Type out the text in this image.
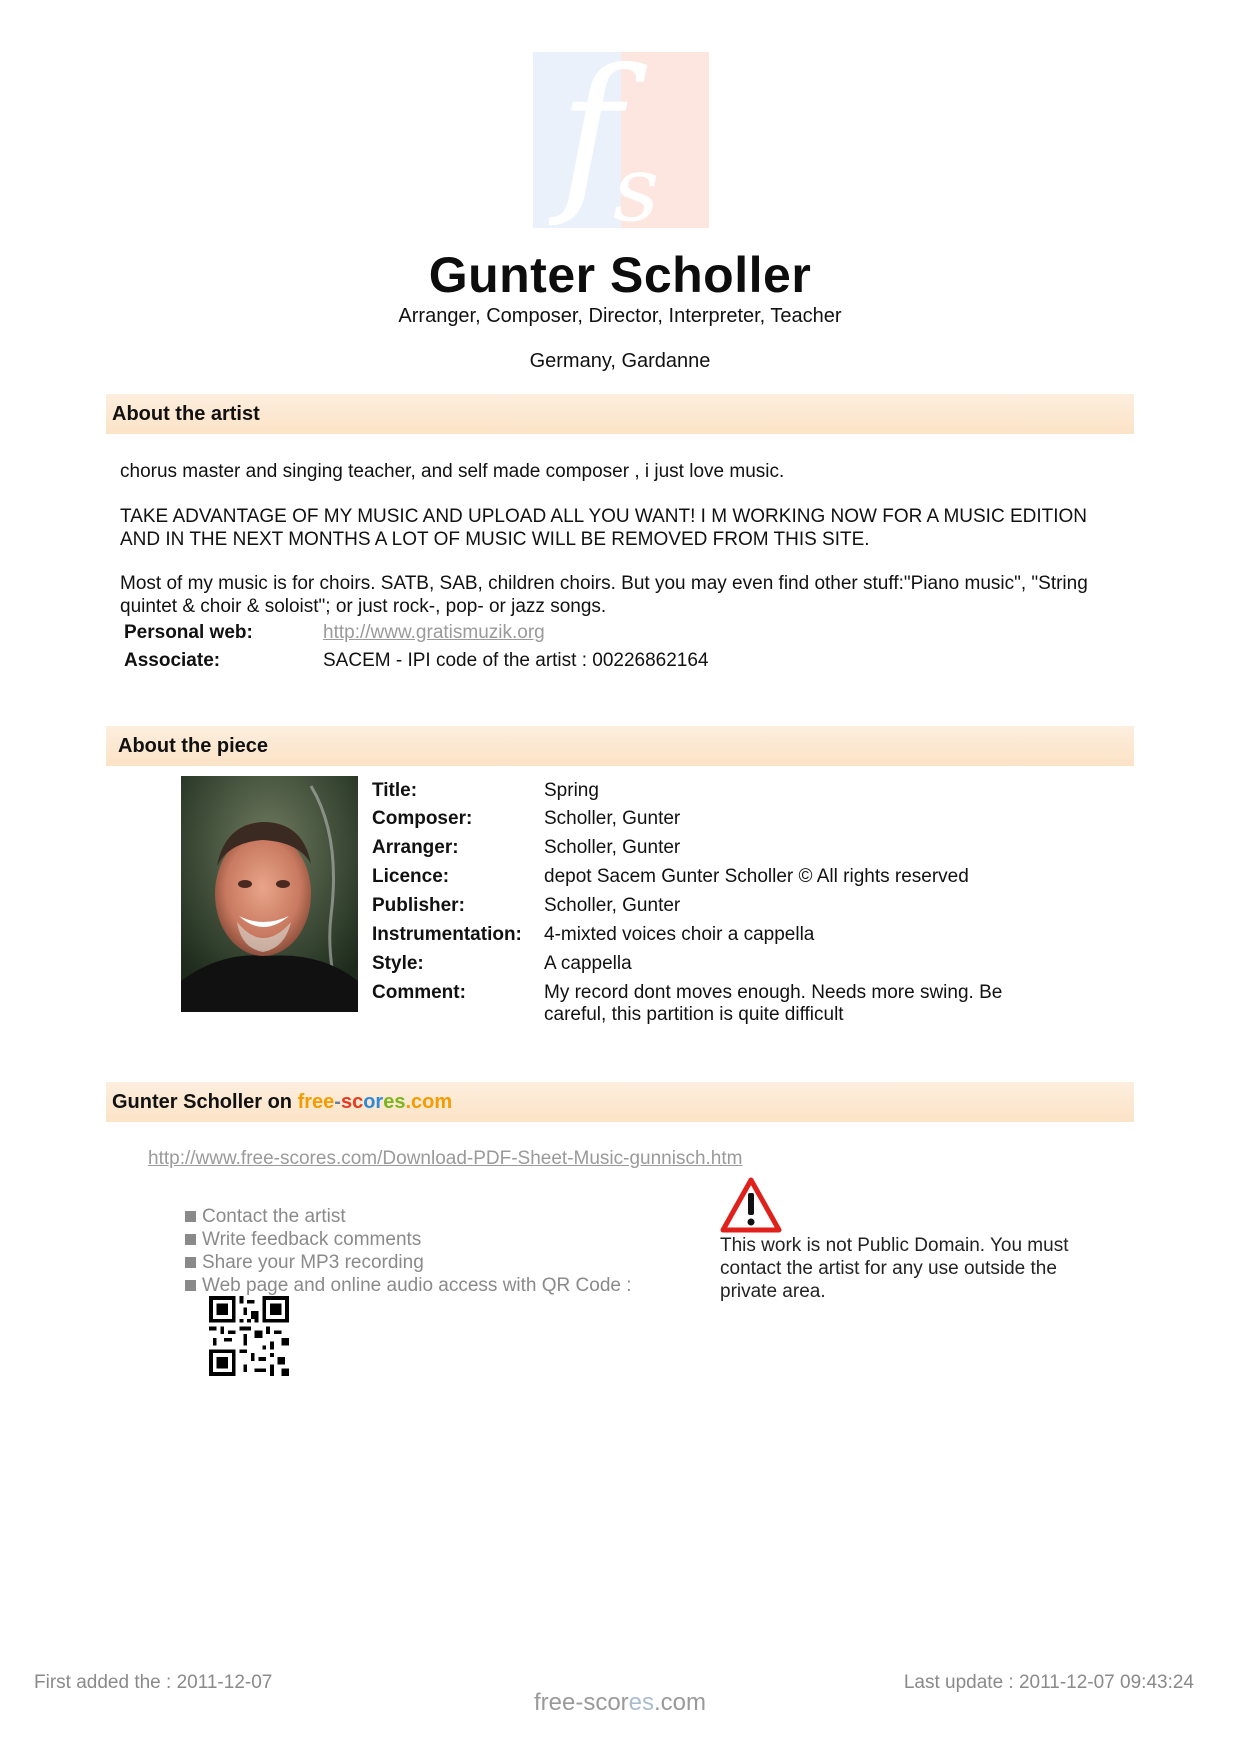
f
s
Gunter Scholler
Arranger, Composer, Director, Interpreter, Teacher
Germany, Gardanne
About the artist
chorus master and singing teacher, and self made composer , i just love music.
TAKE ADVANTAGE OF MY MUSIC AND UPLOAD ALL YOU WANT! I M WORKING NOW FOR A MUSIC EDITION AND IN THE NEXT MONTHS A LOT OF MUSIC WILL BE REMOVED FROM THIS SITE.
Most of my music is for choirs. SATB, SAB, children choirs. But you may even find other stuff:"Piano music", "String quintet & choir & soloist"; or just rock-, pop- or jazz songs.
Personal web:	http://www.gratismuzik.org
Associate:	SACEM - IPI code of the artist : 00226862164
About the piece
Title:	Spring
Composer:	Scholler, Gunter
Arranger:	Scholler, Gunter
Licence:	depot Sacem Gunter Scholler © All rights reserved
Publisher:	Scholler, Gunter
Instrumentation: 4-mixted voices choir a cappella
Style:	A cappella
Comment:	My record dont moves enough. Needs more swing. Be careful, this partition is quite difficult
Gunter Scholler on free-scores.com
http://www.free-scores.com/Download-PDF-Sheet-Music-gunnisch.htm
Contact the artist
Write feedback comments
Share your MP3 recording
Web page and online audio access with QR Code :
This work is not Public Domain. You must contact the artist for any use outside the private area.
First added the : 2011-12-07	Last update : 2011-12-07 09:43:24
free-scores.com
